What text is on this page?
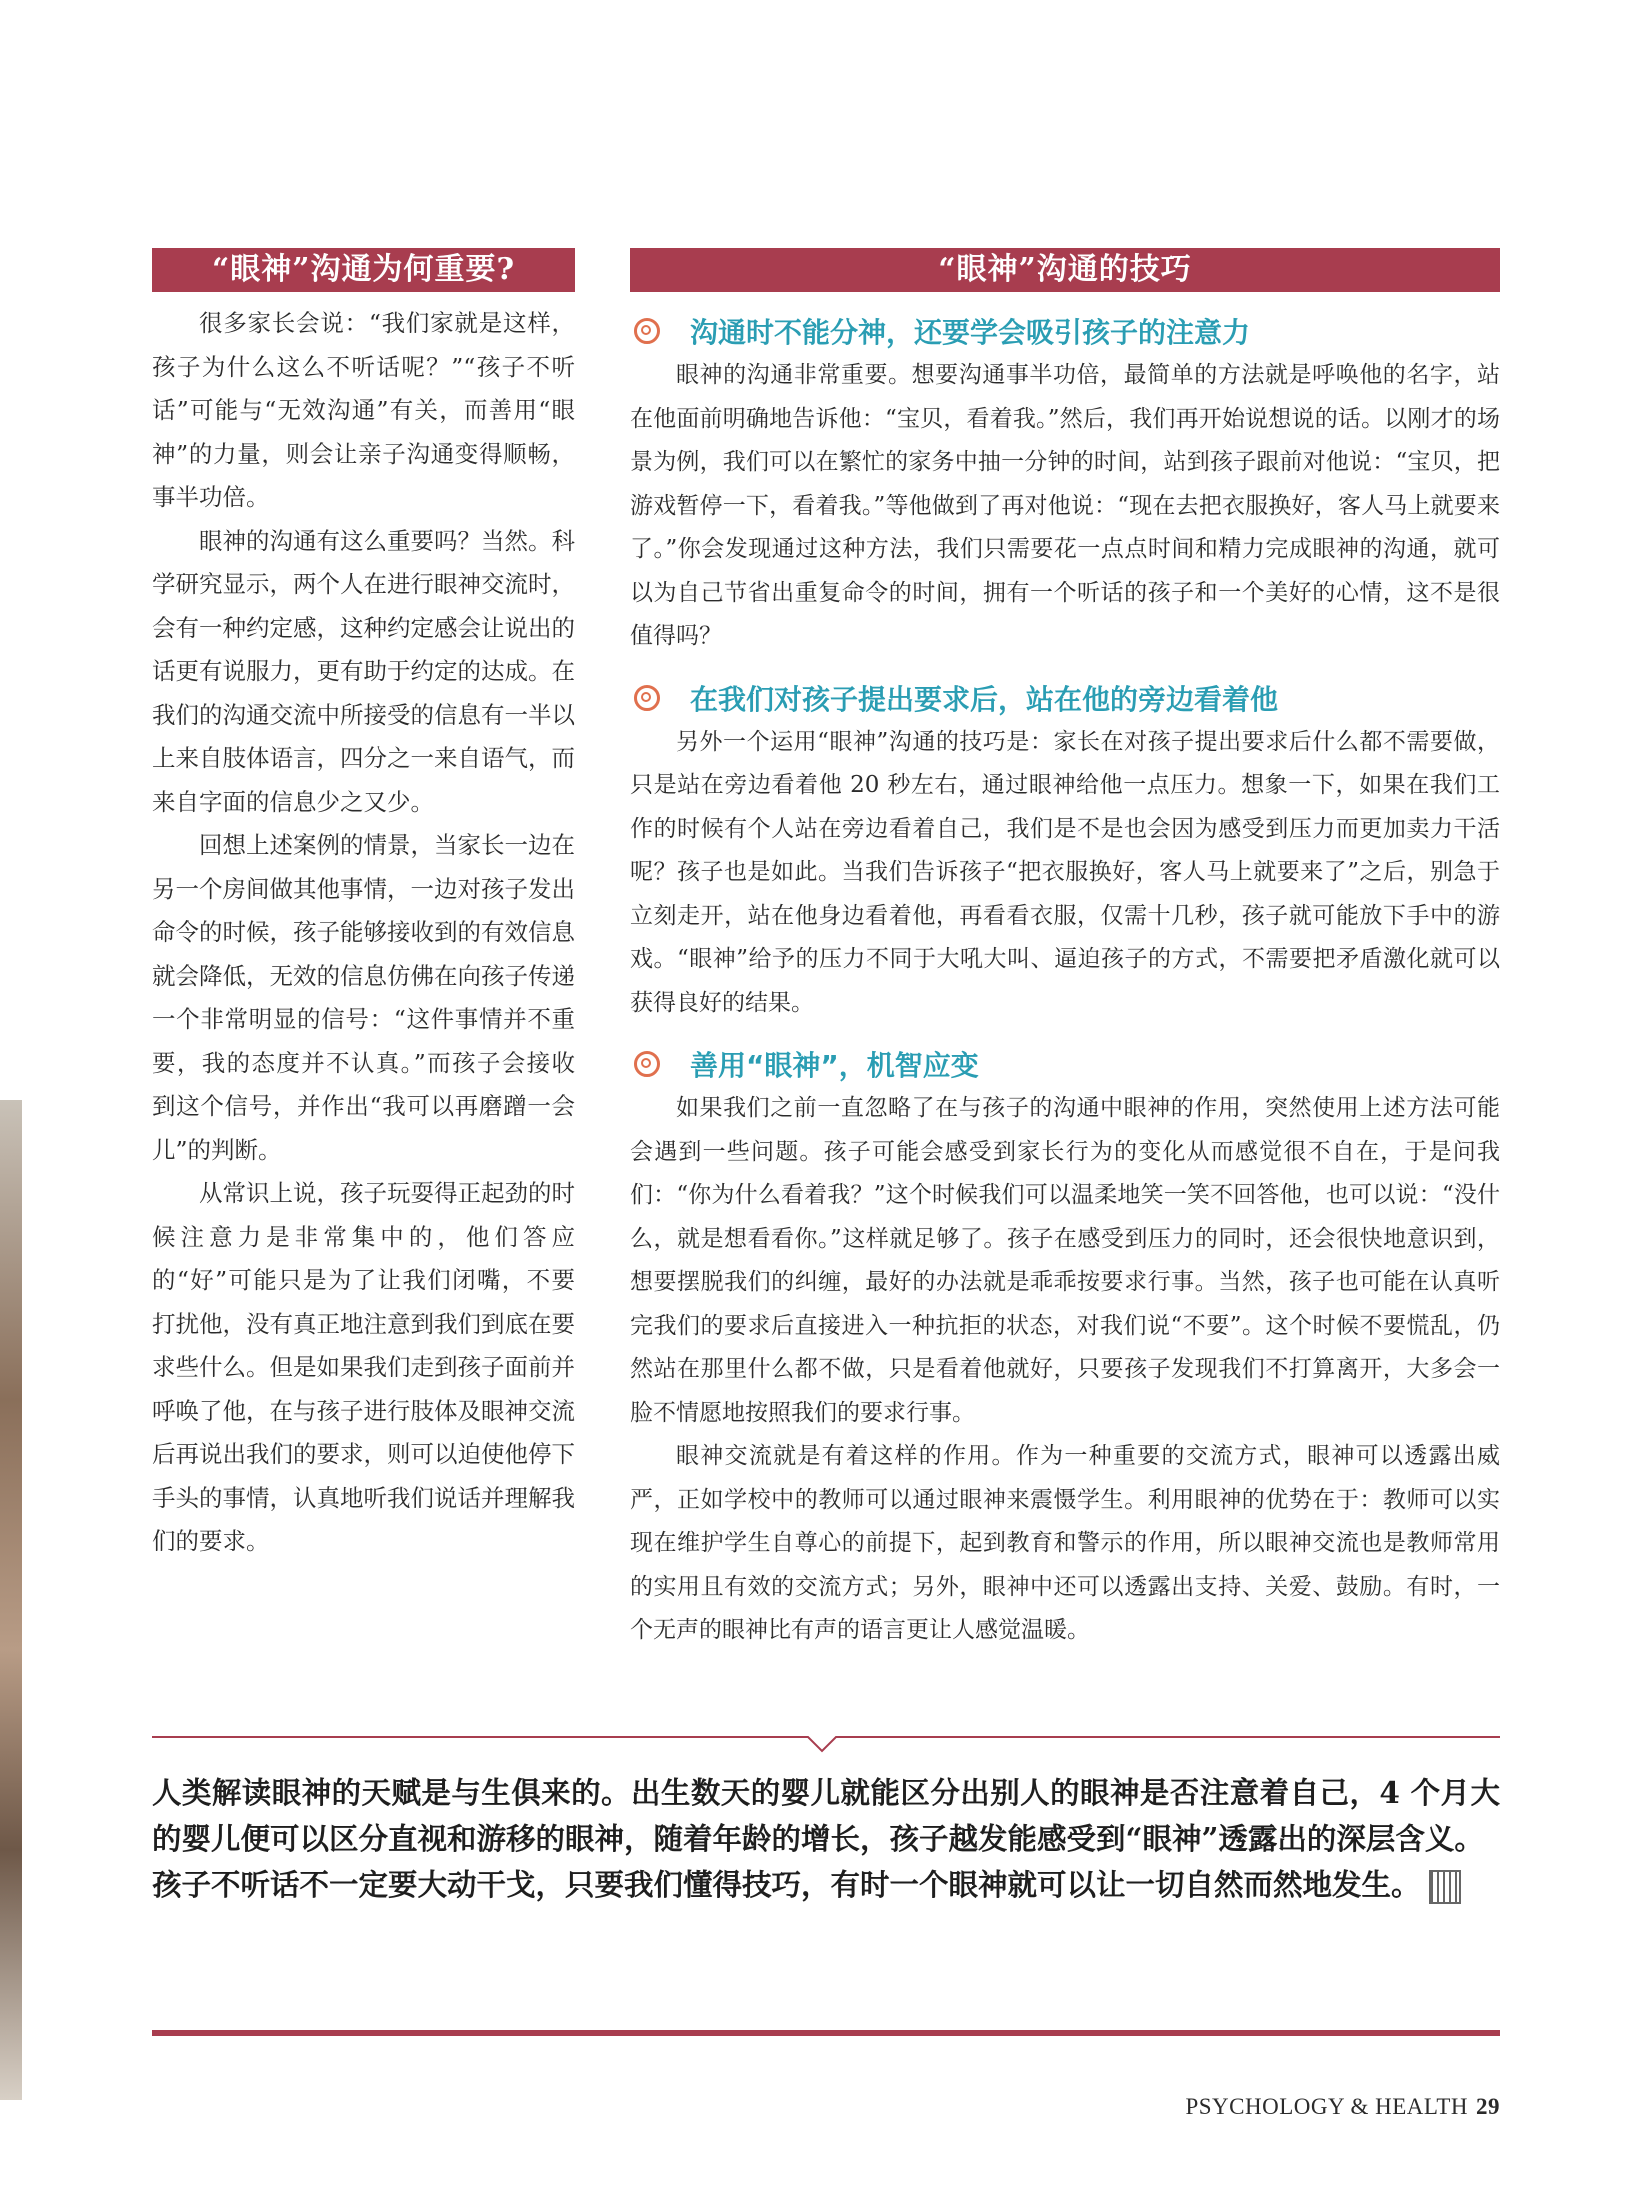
“眼神”沟通为何重要?

很多家长会说：“我们家就是这样，孩子为什么这么不听话呢？”“孩子不听话”可能与“无效沟通”有关，而善用“眼神”的力量，则会让亲子沟通变得顺畅，事半功倍。

眼神的沟通有这么重要吗？当然。科学研究显示，两个人在进行眼神交流时，会有一种约定感，这种约定感会让说出的话更有说服力，更有助于约定的达成。在我们的沟通交流中所接受的信息有一半以上来自肢体语言，四分之一来自语气，而来自字面的信息少之又少。

回想上述案例的情景，当家长一边在另一个房间做其他事情，一边对孩子发出命令的时候，孩子能够接收到的有效信息就会降低，无效的信息仿佛在向孩子传递一个非常明显的信号：“这件事情并不重要，我的态度并不认真。”而孩子会接收到这个信号，并作出“我可以再磨蹭一会儿”的判断。

从常识上说，孩子玩耍得正起劲的时候注意力是非常集中的，他们答应的“好”可能只是为了让我们闭嘴，不要打扰他，没有真正地注意到我们到底在要求些什么。但是如果我们走到孩子面前并呼唤了他，在与孩子进行肢体及眼神交流后再说出我们的要求，则可以迫使他停下手头的事情，认真地听我们说话并理解我们的要求。

“眼神”沟通的技巧
沟通时不能分神，还要学会吸引孩子的注意力

眼神的沟通非常重要。想要沟通事半功倍，最简单的方法就是呼唤他的名字，站在他面前明确地告诉他：“宝贝，看着我。”然后，我们再开始说想说的话。以刚才的场景为例，我们可以在繁忙的家务中抽一分钟的时间，站到孩子跟前对他说：“宝贝，把游戏暂停一下，看着我。”等他做到了再对他说：“现在去把衣服换好，客人马上就要来了。”你会发现通过这种方法，我们只需要花一点点时间和精力完成眼神的沟通，就可以为自己节省出重复命令的时间，拥有一个听话的孩子和一个美好的心情，这不是很值得吗？

在我们对孩子提出要求后，站在他的旁边看着他

另外一个运用“眼神”沟通的技巧是：家长在对孩子提出要求后什么都不需要做，只是站在旁边看着他 20 秒左右，通过眼神给他一点压力。想象一下，如果在我们工作的时候有个人站在旁边看着自己，我们是不是也会因为感受到压力而更加卖力干活呢？孩子也是如此。当我们告诉孩子“把衣服换好，客人马上就要来了”之后，别急于立刻走开，站在他身边看着他，再看看衣服，仅需十几秒，孩子就可能放下手中的游戏。“眼神”给予的压力不同于大吼大叫、逼迫孩子的方式，不需要把矛盾激化就可以获得良好的结果。

善用“眼神”，机智应变

如果我们之前一直忽略了在与孩子的沟通中眼神的作用，突然使用上述方法可能会遇到一些问题。孩子可能会感受到家长行为的变化从而感觉很不自在，于是问我们：“你为什么看着我？”这个时候我们可以温柔地笑一笑不回答他，也可以说：“没什么，就是想看看你。”这样就足够了。孩子在感受到压力的同时，还会很快地意识到，想要摆脱我们的纠缠，最好的办法就是乖乖按要求行事。当然，孩子也可能在认真听完我们的要求后直接进入一种抗拒的状态，对我们说“不要”。这个时候不要慌乱，仍然站在那里什么都不做，只是看着他就好，只要孩子发现我们不打算离开，大多会一脸不情愿地按照我们的要求行事。

眼神交流就是有着这样的作用。作为一种重要的交流方式，眼神可以透露出威严，正如学校中的教师可以通过眼神来震慑学生。利用眼神的优势在于：教师可以实现在维护学生自尊心的前提下，起到教育和警示的作用，所以眼神交流也是教师常用的实用且有效的交流方式；另外，眼神中还可以透露出支持、关爱、鼓励。有时，一个无声的眼神比有声的语言更让人感觉温暖。

人类解读眼神的天赋是与生俱来的。出生数天的婴儿就能区分出别人的眼神是否注意着自己，4 个月大的婴儿便可以区分直视和游移的眼神，随着年龄的增长，孩子越发能感受到“眼神”透露出的深层含义。

孩子不听话不一定要大动干戈，只要我们懂得技巧，有时一个眼神就可以让一切自然而然地发生。

PSYCHOLOGY & HEALTH 29
